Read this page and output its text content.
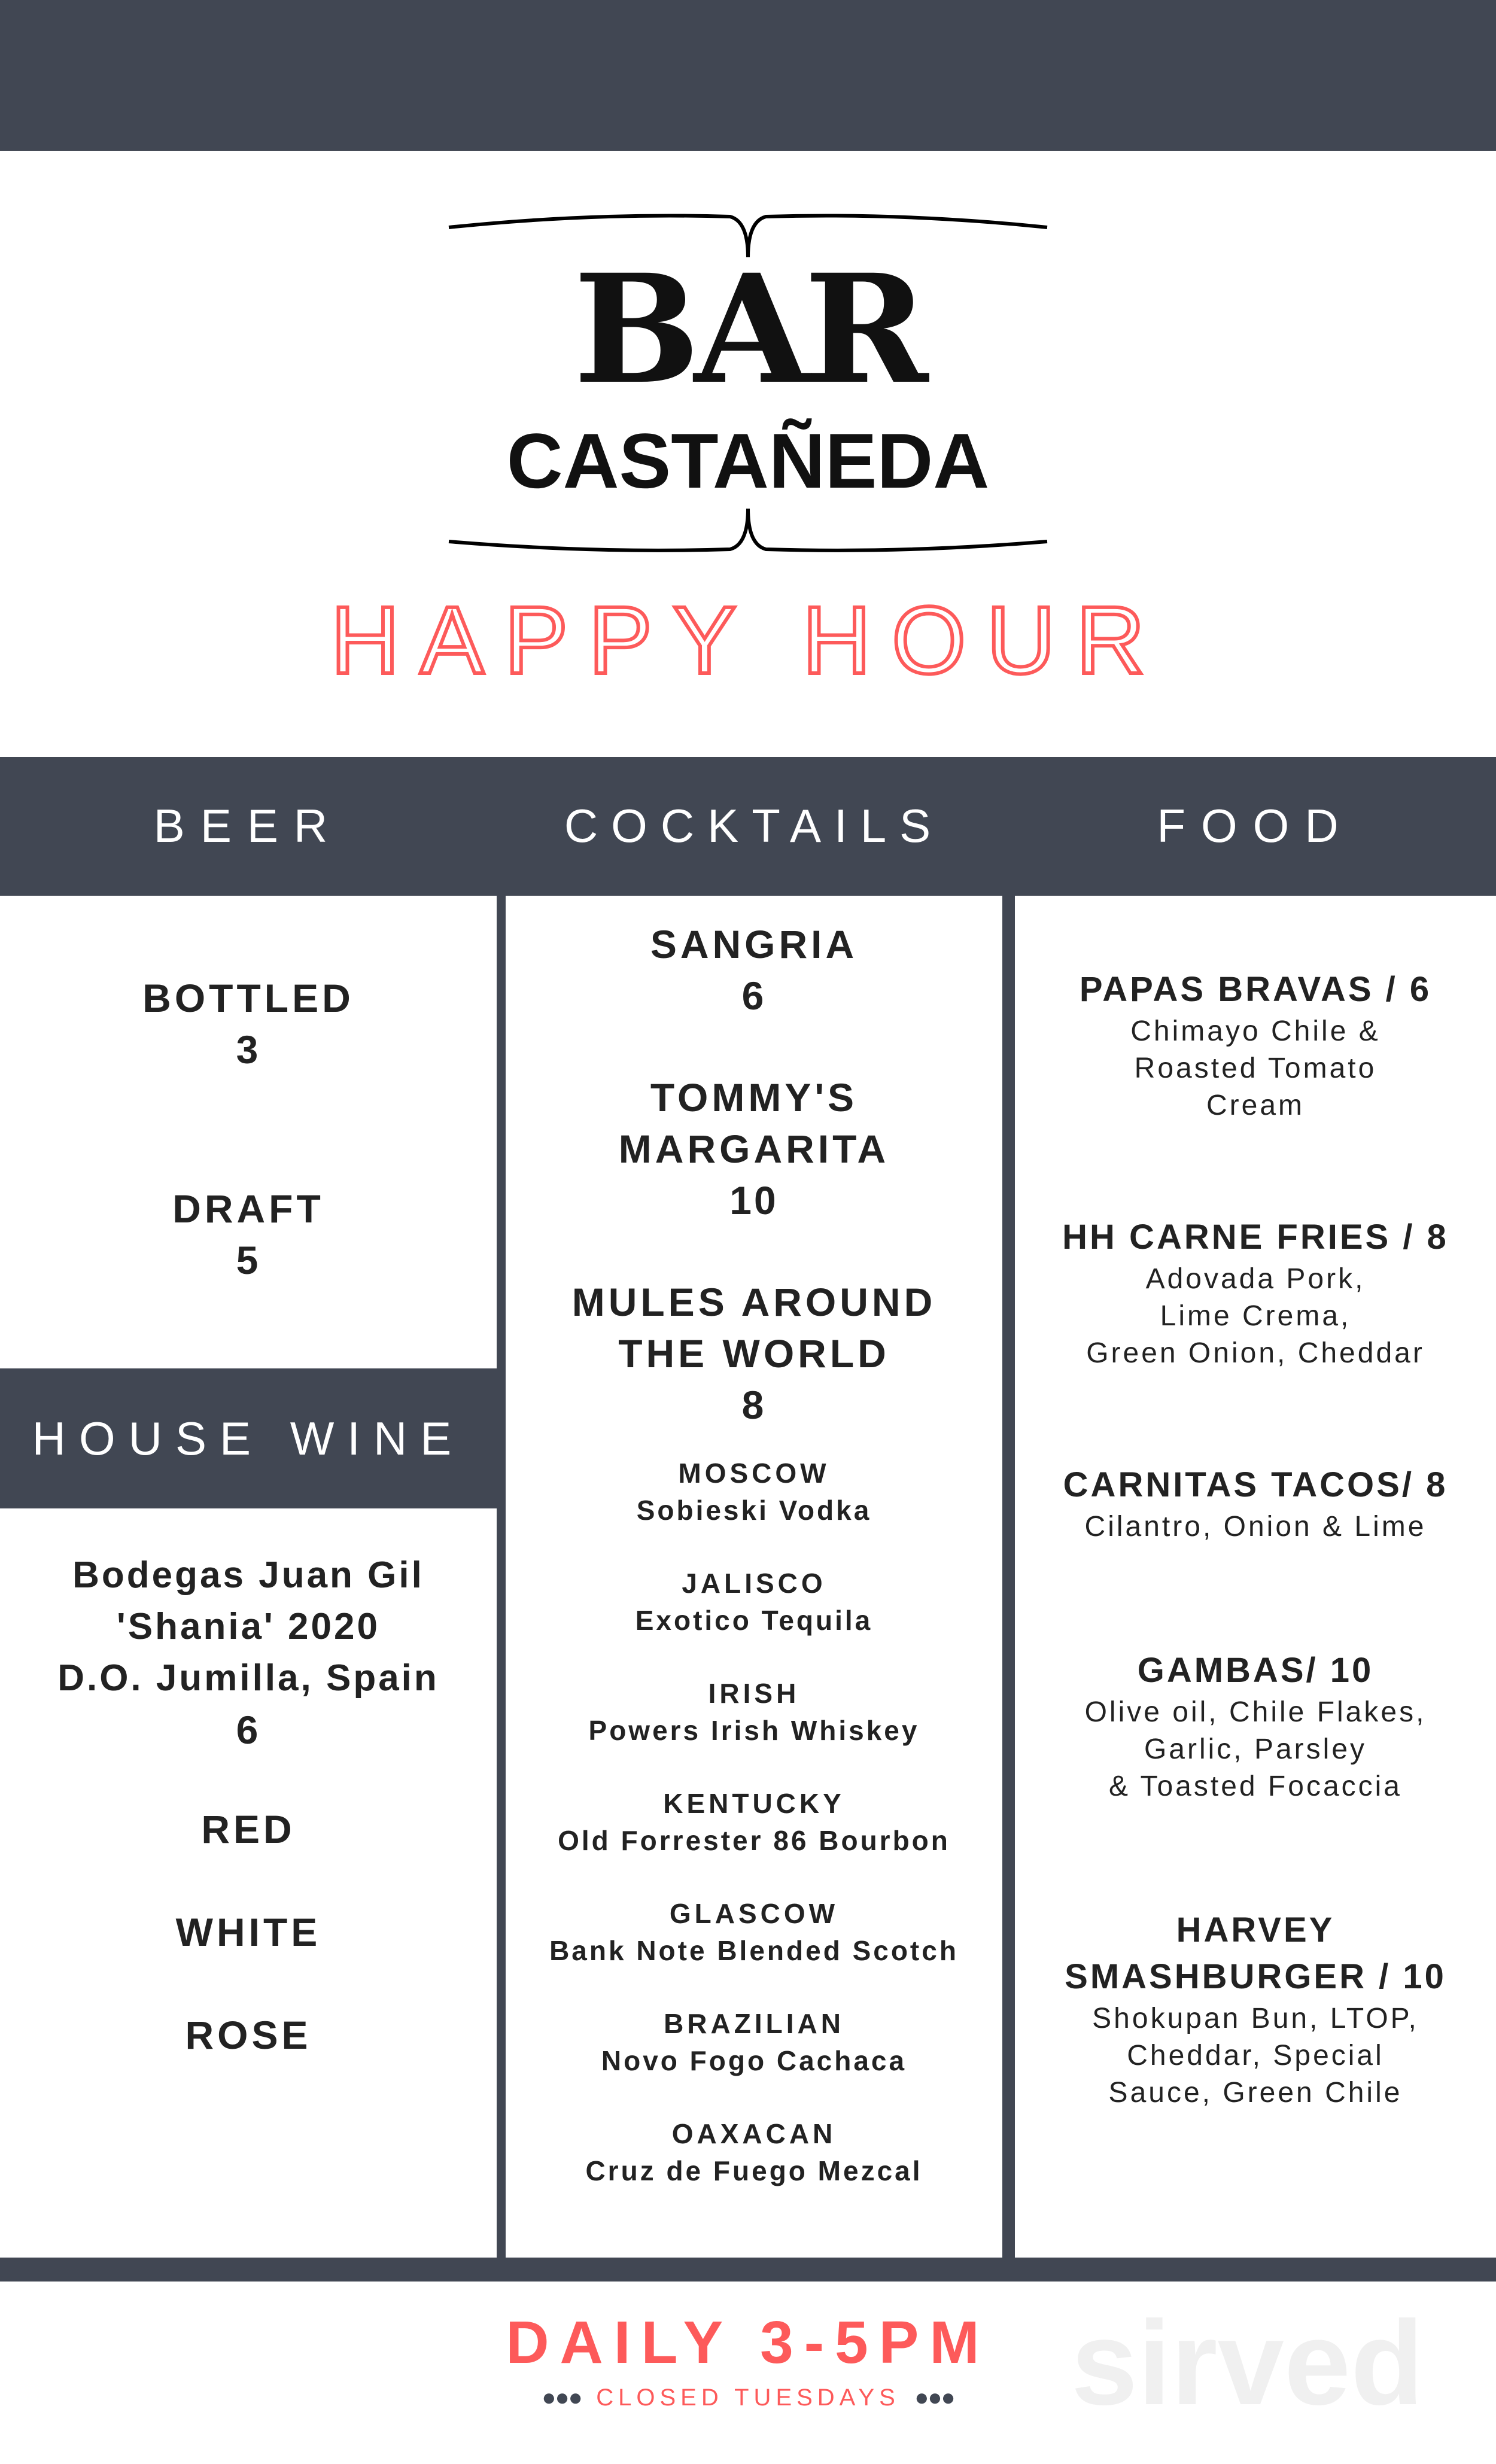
BAR
CASTAÑEDA
HAPPY HOUR
BEER	COCKTAILS	FOOD
sirved
BOTTLED
3
DRAFT
5
HOUSE WINE
Bodegas Juan Gil
'Shania' 2020
D.O. Jumilla, Spain
6
RED
WHITE
ROSE
SANGRIA
6
TOMMY'S
MARGARITA
10
MULES AROUND
THE WORLD
8
MOSCOW
Sobieski Vodka
JALISCO
Exotico Tequila
IRISH
Powers Irish Whiskey
KENTUCKY
Old Forrester 86 Bourbon
GLASCOW
Bank Note Blended Scotch
BRAZILIAN
Novo Fogo Cachaca
OAXACAN
Cruz de Fuego Mezcal
PAPAS BRAVAS / 6
Chimayo Chile &
Roasted Tomato
Cream
HH CARNE FRIES / 8
Adovada Pork,
Lime Crema,
Green Onion, Cheddar
CARNITAS TACOS/ 8
Cilantro, Onion & Lime
GAMBAS/ 10
Olive oil, Chile Flakes,
Garlic, Parsley
& Toasted Focaccia
HARVEY
SMASHBURGER / 10
Shokupan Bun, LTOP,
Cheddar, Special
Sauce, Green Chile
DAILY 3-5PM
●●● CLOSED TUESDAYS ●●●
